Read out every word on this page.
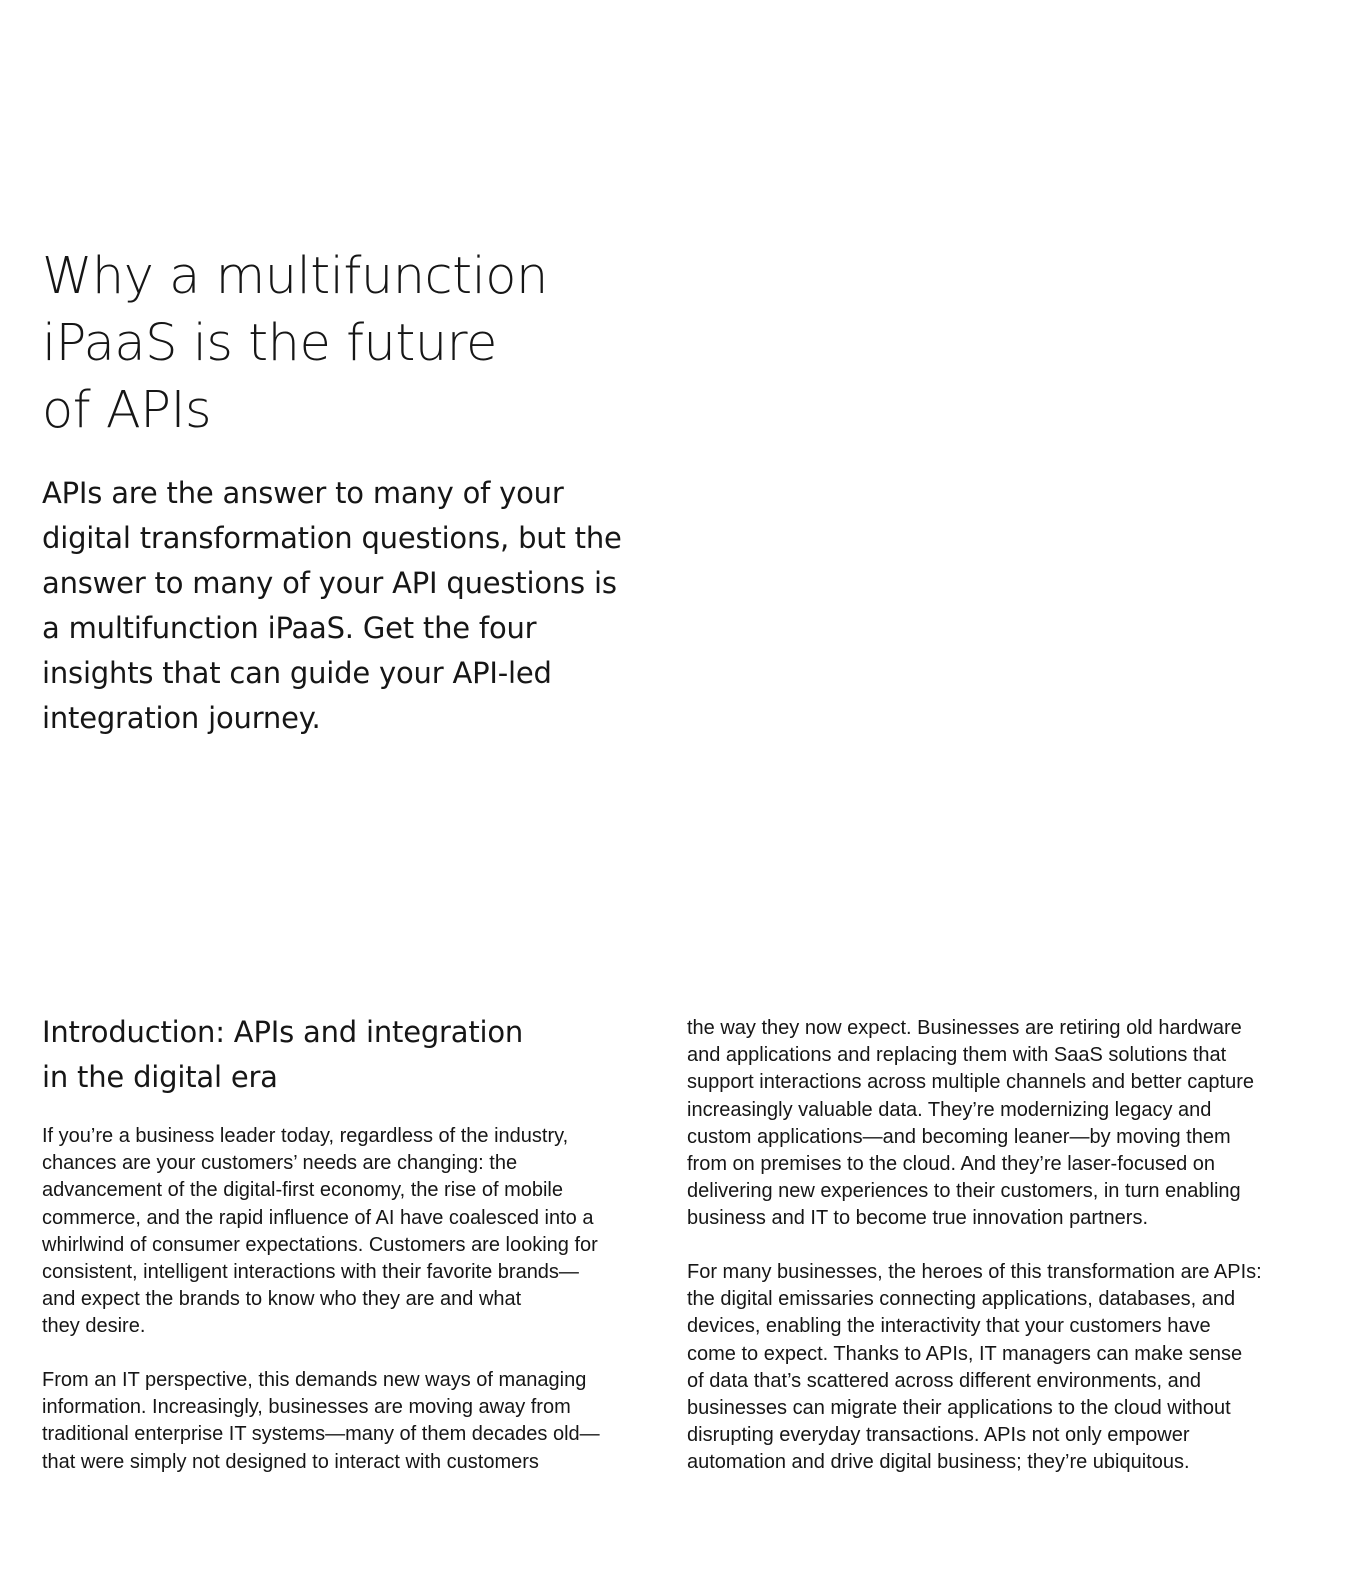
Why a multifunction
iPaaS is the future
of APIs

APIs are the answer to many of your
digital transformation questions, but the
answer to many of your API questions is
a multifunction iPaaS. Get the four
insights that can guide your API-led
integration journey.

Introduction: APIs and integration
in the digital era

If you’re a business leader today, regardless of the industry,
chances are your customers’ needs are changing: the
advancement of the digital-first economy, the rise of mobile
commerce, and the rapid influence of AI have coalesced into a
whirlwind of consumer expectations. Customers are looking for
consistent, intelligent interactions with their favorite brands—
and expect the brands to know who they are and what
they desire.

From an IT perspective, this demands new ways of managing
information. Increasingly, businesses are moving away from
traditional enterprise IT systems—many of them decades old—
that were simply not designed to interact with customers

the way they now expect. Businesses are retiring old hardware
and applications and replacing them with SaaS solutions that
support interactions across multiple channels and better capture
increasingly valuable data. They’re modernizing legacy and
custom applications—and becoming leaner—by moving them
from on premises to the cloud. And they’re laser-focused on
delivering new experiences to their customers, in turn enabling
business and IT to become true innovation partners.

For many businesses, the heroes of this transformation are APIs:
the digital emissaries connecting applications, databases, and
devices, enabling the interactivity that your customers have
come to expect. Thanks to APIs, IT managers can make sense
of data that’s scattered across different environments, and
businesses can migrate their applications to the cloud without
disrupting everyday transactions. APIs not only empower
automation and drive digital business; they’re ubiquitous.
